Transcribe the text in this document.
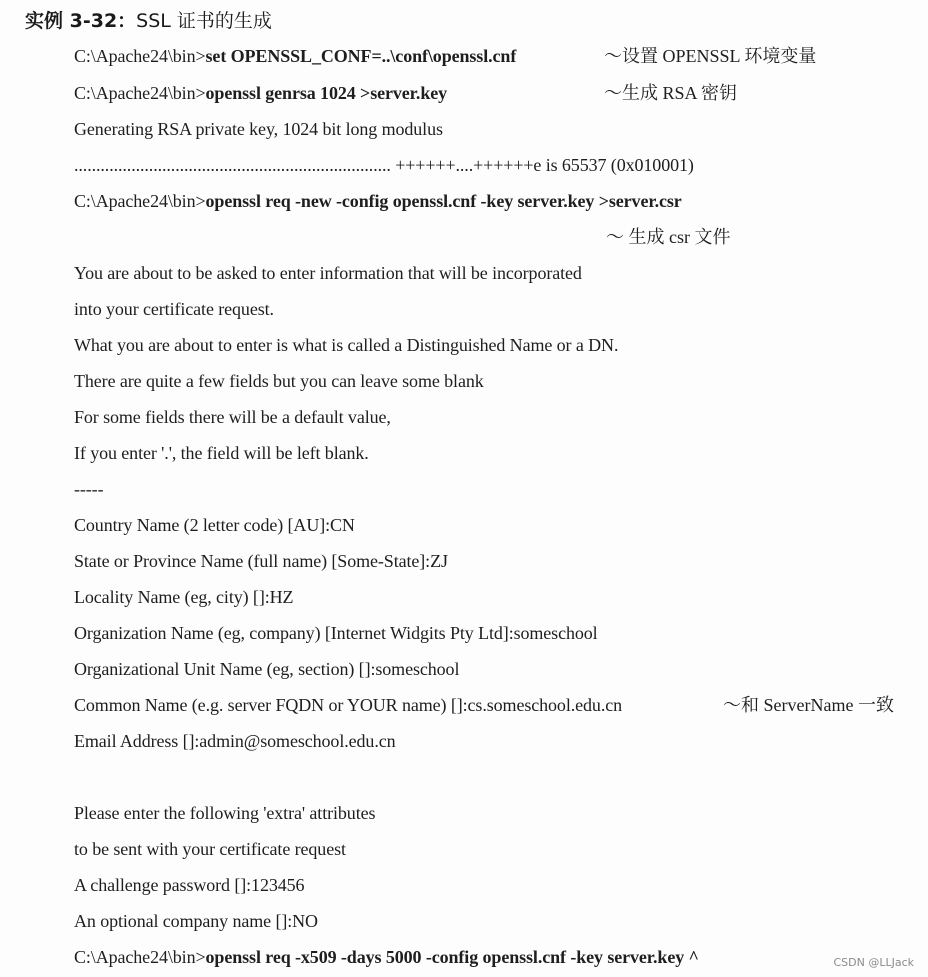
实例 3-32：SSL 证书的生成
C:\Apache24\bin>set OPENSSL_CONF=..\conf\openssl.cnf	～设置 OPENSSL 环境变量
C:\Apache24\bin>openssl genrsa 1024 >server.key	～生成 RSA 密钥
Generating RSA private key, 1024 bit long modulus
........................................................................ ++++++....++++++e is 65537 (0x010001)
C:\Apache24\bin>openssl req -new -config openssl.cnf -key server.key >server.csr
～ 生成 csr 文件
You are about to be asked to enter information that will be incorporated
into your certificate request.
What you are about to enter is what is called a Distinguished Name or a DN.
There are quite a few fields but you can leave some blank
For some fields there will be a default value,
If you enter '.', the field will be left blank.
-----
Country Name (2 letter code) [AU]:CN
State or Province Name (full name) [Some-State]:ZJ
Locality Name (eg, city) []:HZ
Organization Name (eg, company) [Internet Widgits Pty Ltd]:someschool
Organizational Unit Name (eg, section) []:someschool
Common Name (e.g. server FQDN or YOUR name) []:cs.someschool.edu.cn	～和 ServerName 一致
Email Address []:admin@someschool.edu.cn
Please enter the following 'extra' attributes
to be sent with your certificate request
A challenge password []:123456
An optional company name []:NO
C:\Apache24\bin>openssl req -x509 -days 5000 -config openssl.cnf -key server.key ^	CSDN @LLJack
